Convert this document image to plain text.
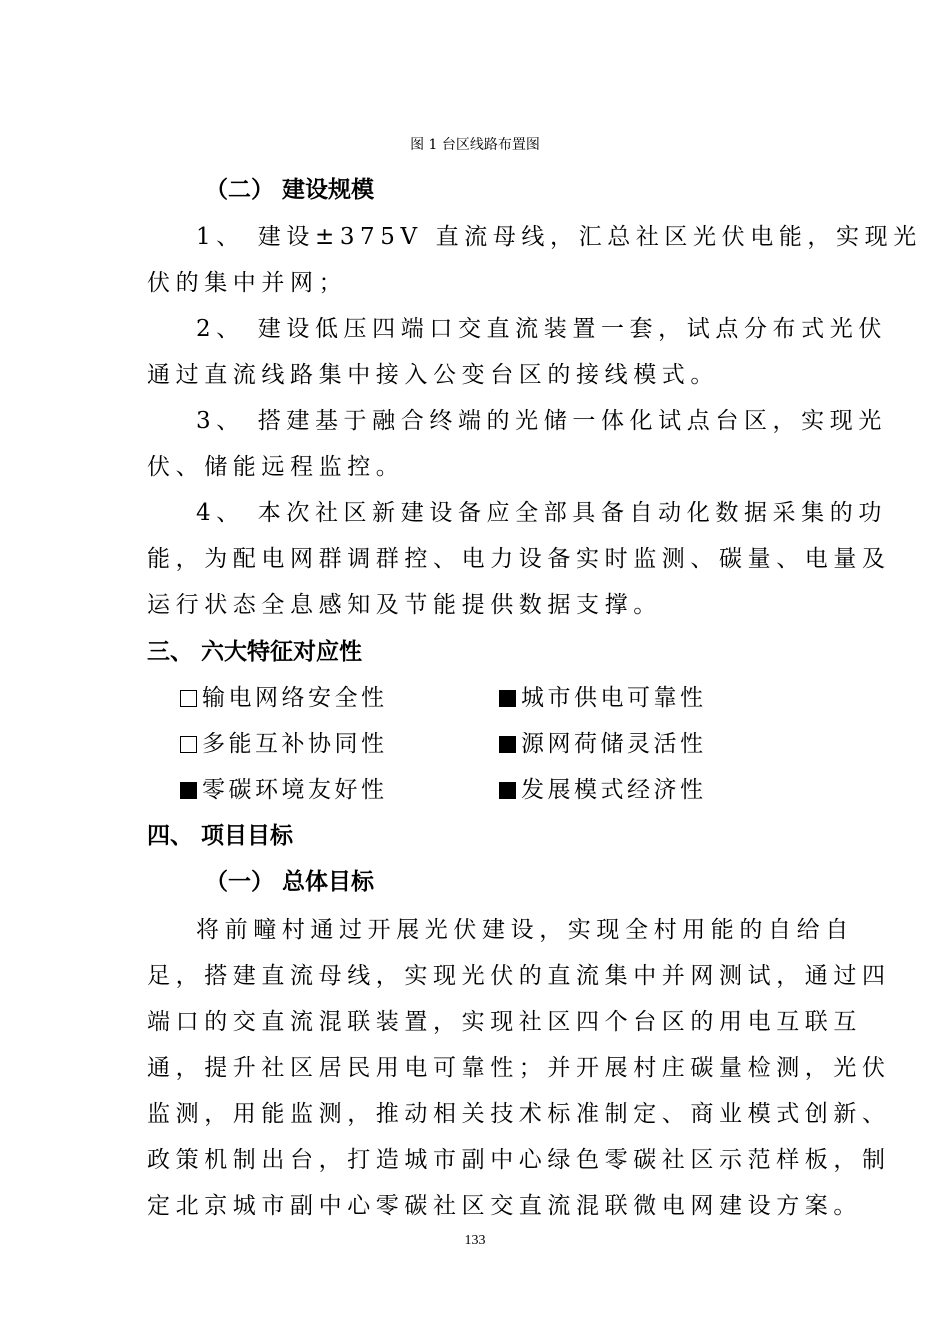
图 1 台区线路布置图
（二） 建设规模
1、 建设±375V 直流母线，汇总社区光伏电能，实现光
伏的集中并网；
2、 建设低压四端口交直流装置一套，试点分布式光伏
通过直流线路集中接入公变台区的接线模式。
3、 搭建基于融合终端的光储一体化试点台区，实现光
伏、储能远程监控。
4、 本次社区新建设备应全部具备自动化数据采集的功
能，为配电网群调群控、电力设备实时监测、碳量、电量及
运行状态全息感知及节能提供数据支撑。
三、 六大特征对应性
输电网络安全性	城市供电可靠性
多能互补协同性	源网荷储灵活性
零碳环境友好性	发展模式经济性
四、 项目目标
（一） 总体目标
将前疃村通过开展光伏建设，实现全村用能的自给自
足，搭建直流母线，实现光伏的直流集中并网测试，通过四
端口的交直流混联装置，实现社区四个台区的用电互联互
通，提升社区居民用电可靠性；并开展村庄碳量检测，光伏
监测，用能监测，推动相关技术标准制定、商业模式创新、
政策机制出台，打造城市副中心绿色零碳社区示范样板，制
定北京城市副中心零碳社区交直流混联微电网建设方案。
133
